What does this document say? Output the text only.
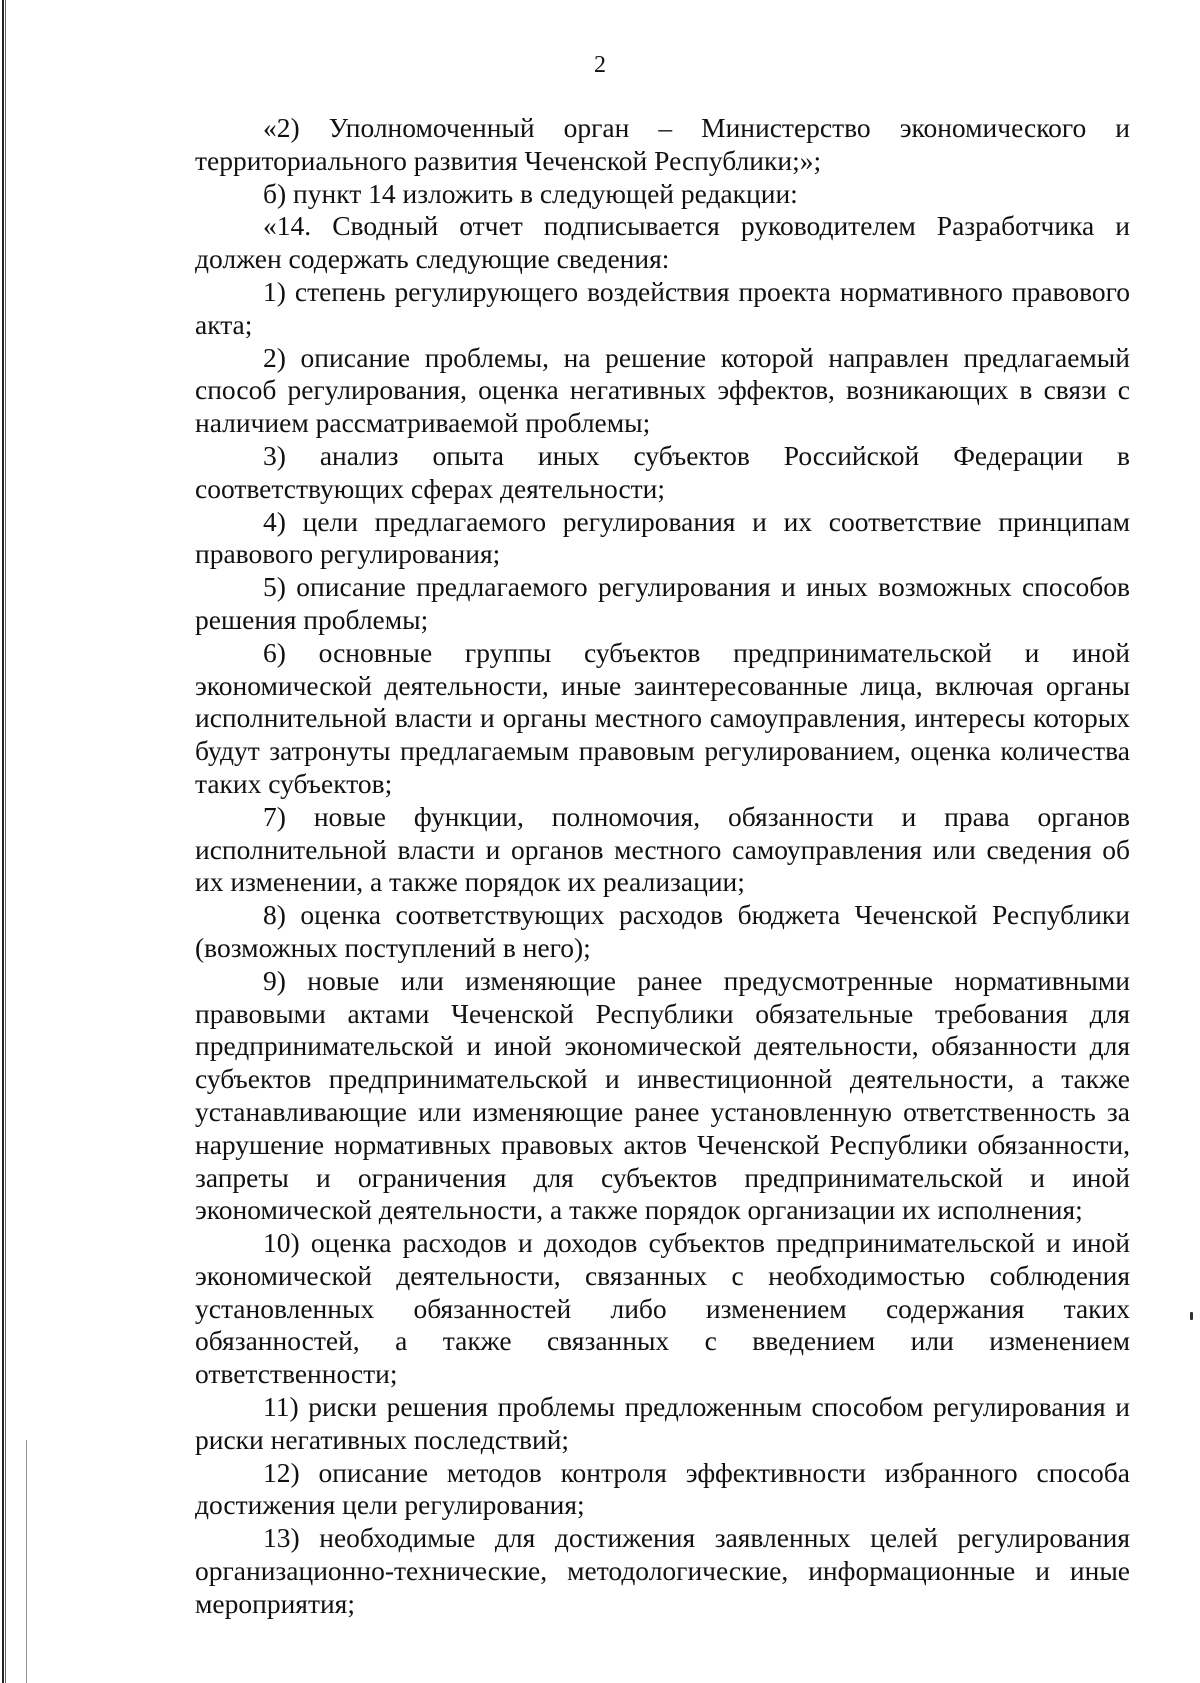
2

«2) Уполномоченный орган – Министерство экономического и территориального развития Чеченской Республики;»;

б) пункт 14 изложить в следующей редакции:

«14. Сводный отчет подписывается руководителем Разработчика и должен содержать следующие сведения:

1) степень регулирующего воздействия проекта нормативного правового акта;

2) описание проблемы, на решение которой направлен предлагаемый способ регулирования, оценка негативных эффектов, возникающих в связи с наличием рассматриваемой проблемы;

3) анализ опыта иных субъектов Российской Федерации в соответствующих сферах деятельности;

4) цели предлагаемого регулирования и их соответствие принципам правового регулирования;

5) описание предлагаемого регулирования и иных возможных способов решения проблемы;

6) основные группы субъектов предпринимательской и иной экономической деятельности, иные заинтересованные лица, включая органы исполнительной власти и органы местного самоуправления, интересы которых будут затронуты предлагаемым правовым регулированием, оценка количества таких субъектов;

7) новые функции, полномочия, обязанности и права органов исполнительной власти и органов местного самоуправления или сведения об их изменении, а также порядок их реализации;

8) оценка соответствующих расходов бюджета Чеченской Республики (возможных поступлений в него);

9) новые или изменяющие ранее предусмотренные нормативными правовыми актами Чеченской Республики обязательные требования для предпринимательской и иной экономической деятельности, обязанности для субъектов предпринимательской и инвестиционной деятельности, а также устанавливающие или изменяющие ранее установленную ответственность за нарушение нормативных правовых актов Чеченской Республики обязанности, запреты и ограничения для субъектов предпринимательской и иной экономической деятельности, а также порядок организации их исполнения;

10) оценка расходов и доходов субъектов предпринимательской и иной экономической деятельности, связанных с необходимостью соблюдения установленных обязанностей либо изменением содержания таких обязанностей, а также связанных с введением или изменением ответственности;

11) риски решения проблемы предложенным способом регулирования и риски негативных последствий;

12) описание методов контроля эффективности избранного способа достижения цели регулирования;

13) необходимые для достижения заявленных целей регулирования организационно-технические, методологические, информационные и иные мероприятия;
